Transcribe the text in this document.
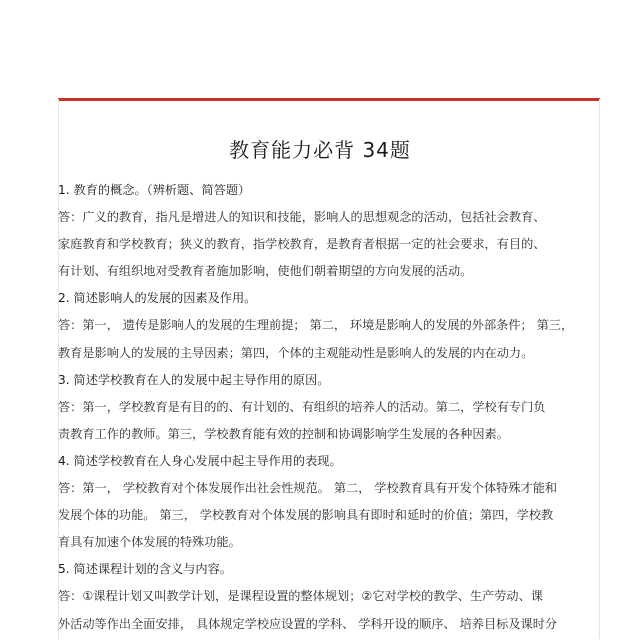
教育能力必背 34题
1. 教育的概念。（辨析题、简答题）
答：广义的教育，指凡是增进人的知识和技能，影响人的思想观念的活动，包括社会教育、
家庭教育和学校教育；狭义的教育，指学校教育，是教育者根据一定的社会要求，有目的、
有计划、有组织地对受教育者施加影响，使他们朝着期望的方向发展的活动。
2. 简述影响人的发展的因素及作用。
答：第一， 遗传是影响人的发展的生理前提； 第二， 环境是影响人的发展的外部条件； 第三，
教育是影响人的发展的主导因素；第四，个体的主观能动性是影响人的发展的内在动力。
3. 简述学校教育在人的发展中起主导作用的原因。
答：第一，学校教育是有目的的、有计划的、有组织的培养人的活动。第二，学校有专门负
责教育工作的教师。第三，学校教育能有效的控制和协调影响学生发展的各种因素。
4. 简述学校教育在人身心发展中起主导作用的表现。
答：第一， 学校教育对个体发展作出社会性规范。 第二， 学校教育具有开发个体特殊才能和
发展个体的功能。 第三， 学校教育对个体发展的影响具有即时和延时的价值；第四，学校教
育具有加速个体发展的特殊功能。
5. 简述课程计划的含义与内容。
答：①课程计划又叫教学计划，是课程设置的整体规划；②它对学校的教学、生产劳动、课
外活动等作出全面安排， 具体规定学校应设置的学科、 学科开设的顺序、 培养目标及课时分
